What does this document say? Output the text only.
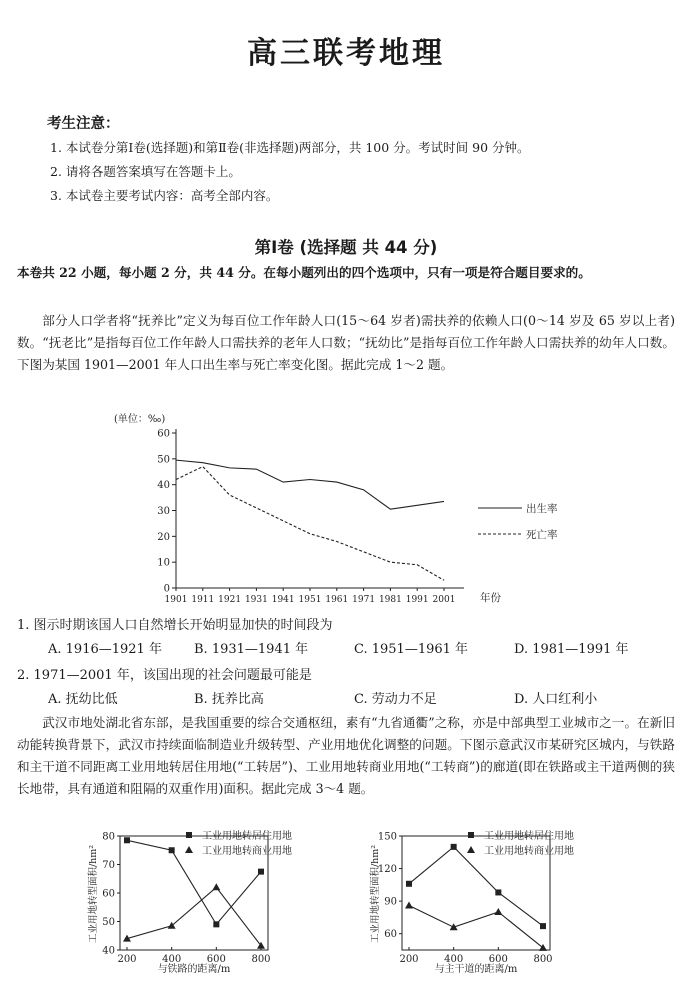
高三联考地理
考生注意：
1. 本试卷分第Ⅰ卷(选择题)和第Ⅱ卷(非选择题)两部分，共 100 分。考试时间 90 分钟。
2. 请将各题答案填写在答题卡上。
3. 本试卷主要考试内容：高考全部内容。
第Ⅰ卷 (选择题 共 44 分)
本卷共 22 小题，每小题 2 分，共 44 分。在每小题列出的四个选项中，只有一项是符合题目要求的。
部分人口学者将“抚养比”定义为每百位工作年龄人口(15～64 岁者)需扶养的依赖人口(0～14 岁及 65 岁以上者)数。“抚老比”是指每百位工作年龄人口需扶养的老年人口数；“抚幼比”是指每百位工作年龄人口需扶养的幼年人口数。下图为某国 1901—2001 年人口出生率与死亡率变化图。据此完成 1～2 题。
(单位：‰)
0
10
20
30
40
50
60
1901 1911 1921 1931 1941 1951 1961 1971 1981 1991 2001
出生率
死亡率
年份
1. 图示时期该国人口自然增长开始明显加快的时间段为
A. 1916—1921 年 B. 1931—1941 年	C. 1951—1961 年	D. 1981—1991 年
2. 1971—2001 年，该国出现的社会问题最可能是
A. 抚幼比低	B. 抚养比高	C. 劳动力不足	D. 人口红利小
武汉市地处湖北省东部，是我国重要的综合交通枢纽，素有“九省通衢”之称，亦是中部典型工业城市之一。在新旧动能转换背景下，武汉市持续面临制造业升级转型、产业用地优化调整的问题。下图示意武汉市某研究区城内，与铁路和主干道不同距离工业用地转居住用地(“工转居”)、工业用地转商业用地(“工转商”)的廊道(即在铁路或主干道两侧的狭长地带，具有通道和阻隔的双重作用)面积。据此完成 3～4 题。
工业用地转型面积/hm²
40
50
60
70
80
200	400	600	800
工业用地转居住用地
工业用地转商业用地
与铁路的距离/m
工业用地转型面积/hm² 60
90
120
150
200	400	600	800
工业用地转居住用地
工业用地转商业用地
与主干道的距离/m
